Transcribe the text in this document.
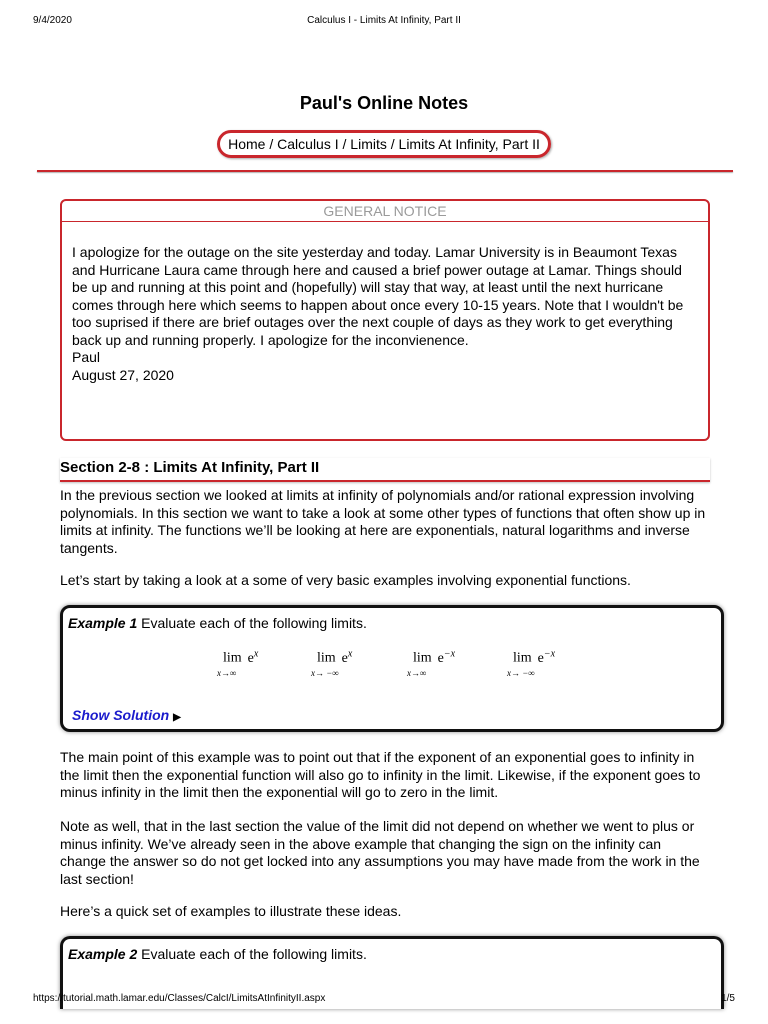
9/4/2020	Calculus I - Limits At Infinity, Part II
Paul's Online Notes
Home / Calculus I / Limits / Limits At Infinity, Part II
GENERAL NOTICE

I apologize for the outage on the site yesterday and today. Lamar University is in Beaumont Texas and Hurricane Laura came through here and caused a brief power outage at Lamar. Things should be up and running at this point and (hopefully) will stay that way, at least until the next hurricane comes through here which seems to happen about once every 10-15 years. Note that I wouldn't be too suprised if there are brief outages over the next couple of days as they work to get everything back up and running properly. I apologize for the inconvienence.

Paul

August 27, 2020

Section 2-8 : Limits At Infinity, Part II

In the previous section we looked at limits at infinity of polynomials and/or rational expression involving polynomials. In this section we want to take a look at some other types of functions that often show up in limits at infinity. The functions we’ll be looking at here are exponentials, natural logarithms and inverse tangents.

Let’s start by taking a look at a some of very basic examples involving exponential functions.

Example 1 Evaluate each of the following limits.
$\lim e^x$
x→∞
$\lim e^x$
x→ −∞
$\lim e^{-x}$
x→∞
$\lim e^{-x}$
x→ −∞
Show Solution ▶

The main point of this example was to point out that if the exponent of an exponential goes to infinity in the limit then the exponential function will also go to infinity in the limit. Likewise, if the exponent goes to minus infinity in the limit then the exponential will go to zero in the limit.

Note as well, that in the last section the value of the limit did not depend on whether we went to plus or minus infinity. We’ve already seen in the above example that changing the sign on the infinity can change the answer so do not get locked into any assumptions you may have made from the work in the last section!

Here’s a quick set of examples to illustrate these ideas.

Example 2 Evaluate each of the following limits.
https://tutorial.math.lamar.edu/Classes/CalcI/LimitsAtInfinityII.aspx	1/5
